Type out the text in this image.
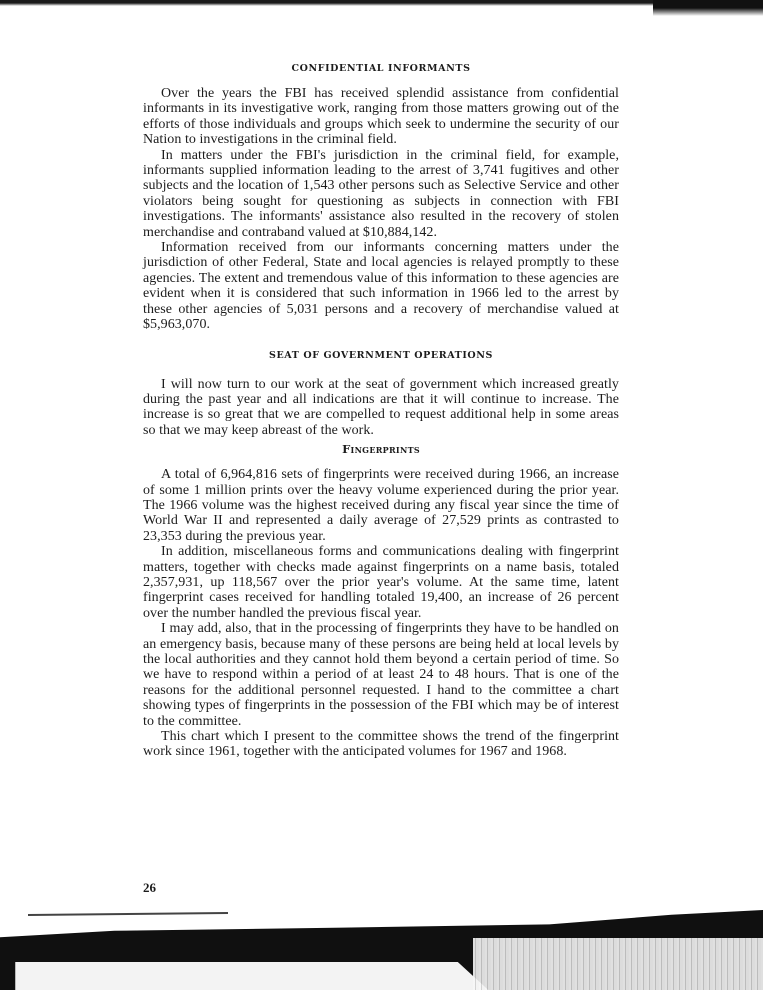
CONFIDENTIAL INFORMANTS

Over the years the FBI has received splendid assistance from confidential informants in its investigative work, ranging from those matters growing out of the efforts of those individuals and groups which seek to undermine the security of our Nation to investigations in the criminal field.

In matters under the FBI's jurisdiction in the criminal field, for example, informants supplied information leading to the arrest of 3,741 fugitives and other subjects and the location of 1,543 other persons such as Selective Service and other violators being sought for questioning as subjects in connection with FBI investigations. The informants' assistance also resulted in the recovery of stolen merchandise and contraband valued at $10,884,142.

Information received from our informants concerning matters under the jurisdiction of other Federal, State and local agencies is relayed promptly to these agencies. The extent and tremendous value of this information to these agencies are evident when it is considered that such information in 1966 led to the arrest by these other agencies of 5,031 persons and a recovery of merchandise valued at $5,963,070.

SEAT OF GOVERNMENT OPERATIONS

I will now turn to our work at the seat of government which increased greatly during the past year and all indications are that it will continue to increase. The increase is so great that we are compelled to request additional help in some areas so that we may keep abreast of the work.

Fingerprints

A total of 6,964,816 sets of fingerprints were received during 1966, an increase of some 1 million prints over the heavy volume experienced during the prior year. The 1966 volume was the highest received during any fiscal year since the time of World War II and represented a daily average of 27,529 prints as contrasted to 23,353 during the previous year.

In addition, miscellaneous forms and communications dealing with fingerprint matters, together with checks made against fingerprints on a name basis, totaled 2,357,931, up 118,567 over the prior year's volume. At the same time, latent fingerprint cases received for handling totaled 19,400, an increase of 26 percent over the number handled the previous fiscal year.

I may add, also, that in the processing of fingerprints they have to be handled on an emergency basis, because many of these persons are being held at local levels by the local authorities and they cannot hold them beyond a certain period of time. So we have to respond within a period of at least 24 to 48 hours. That is one of the reasons for the additional personnel requested. I hand to the committee a chart showing types of fingerprints in the possession of the FBI which may be of interest to the committee.

This chart which I present to the committee shows the trend of the fingerprint work since 1961, together with the anticipated volumes for 1967 and 1968.

26
